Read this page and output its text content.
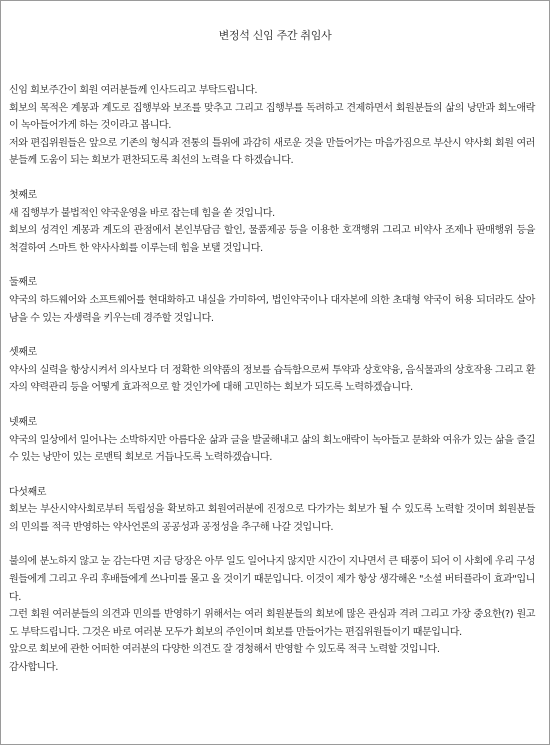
변정석 신임 주간 취임사

신임 회보주간이 회원 여러분들께 인사드리고 부탁드립니다.

회보의 목적은 계몽과 계도로 집행부와 보조를 맞추고 그리고 집행부를 독려하고 견제하면서 회원분들의 삶의 낭만과 회노애락이 녹아들어가게 하는 것이라고 봅니다.

저와 편집위원들은 앞으로 기존의 형식과 전통의 틀위에 과감히 새로운 것을 만들어가는 마음가짐으로 부산시 약사회 회원 여러분들께 도움이 되는 회보가 편찬되도록 최선의 노력을 다 하겠습니다.

첫째로

새 집행부가 불법적인 약국운영을 바로 잡는데 힘을 쏟 것입니다.

회보의 성격인 계몽과 계도의 관점에서 본인부담금 할인, 물품제공 등을 이용한 호객행위 그리고 비약사 조제나 판매행위 등을 척결하여 스마트 한 약사사회를 이루는데 힘을 보탤 것입니다.

둘째로

약국의 하드웨어와 소프트웨어를 현대화하고 내실을 가미하여, 법인약국이나 대자본에 의한 초대형 약국이 허용 되더라도 살아남을 수 있는 자생력을 키우는데 경주할 것입니다.

셋째로

약사의 실력을 항상시켜서 의사보다 더 정확한 의약품의 정보를 습득함으로써 투약과 상호약융, 음식물과의 상호작용 그리고 환자의 약력관리 등을 어떻게 효과적으로 할 것인가에 대해 고민하는 회보가 되도록 노력하겠습니다.

넷째로

약국의 일상에서 일어나는 소박하지만 아름다운 삶과 글을 발굴해내고 삶의 회노애락이 녹아들고 문화와 여유가 있는 삶을 즐길 수 있는 낭만이 있는 로맨틱 회보로 거듭나도록 노력하겠습니다.

다섯째로

회보는 부산시약사회로부터 독립성을 확보하고 회원여러분에 진정으로 다가가는 회보가 될 수 있도록 노력할 것이며 회원분들의 민의를 적극 반영하는 약사언론의 공공성과 공정성을 추구해 나갈 것입니다.

불의에 분노하지 않고 눈 감는다면 지금 당장은 아무 일도 일어나지 않지만 시간이 지나면서 큰 태풍이 되어 이 사회에 우리 구성원들에게 그리고 우리 후배들에게 쓰나미를 몰고 올 것이기 때문입니다. 이것이 제가 항상 생각해온 "소셜 버터플라이 효과"입니다.

그런 회원 여러분들의 의견과 민의를 반영하기 위해서는 여러 회원분들의 회보에 많은 관심과 격려 그리고 가장 중요한(?) 원고도 부탁드립니다. 그것은 바로 여러분 모두가 회보의 주인이며 회보를 만들어가는 편집위원들이기 때문입니다.

앞으로 회보에 관한 어떠한 여러분의 다양한 의견도 잘 경청해서 반영할 수 있도록 적극 노력할 것입니다.

감사합니다.
